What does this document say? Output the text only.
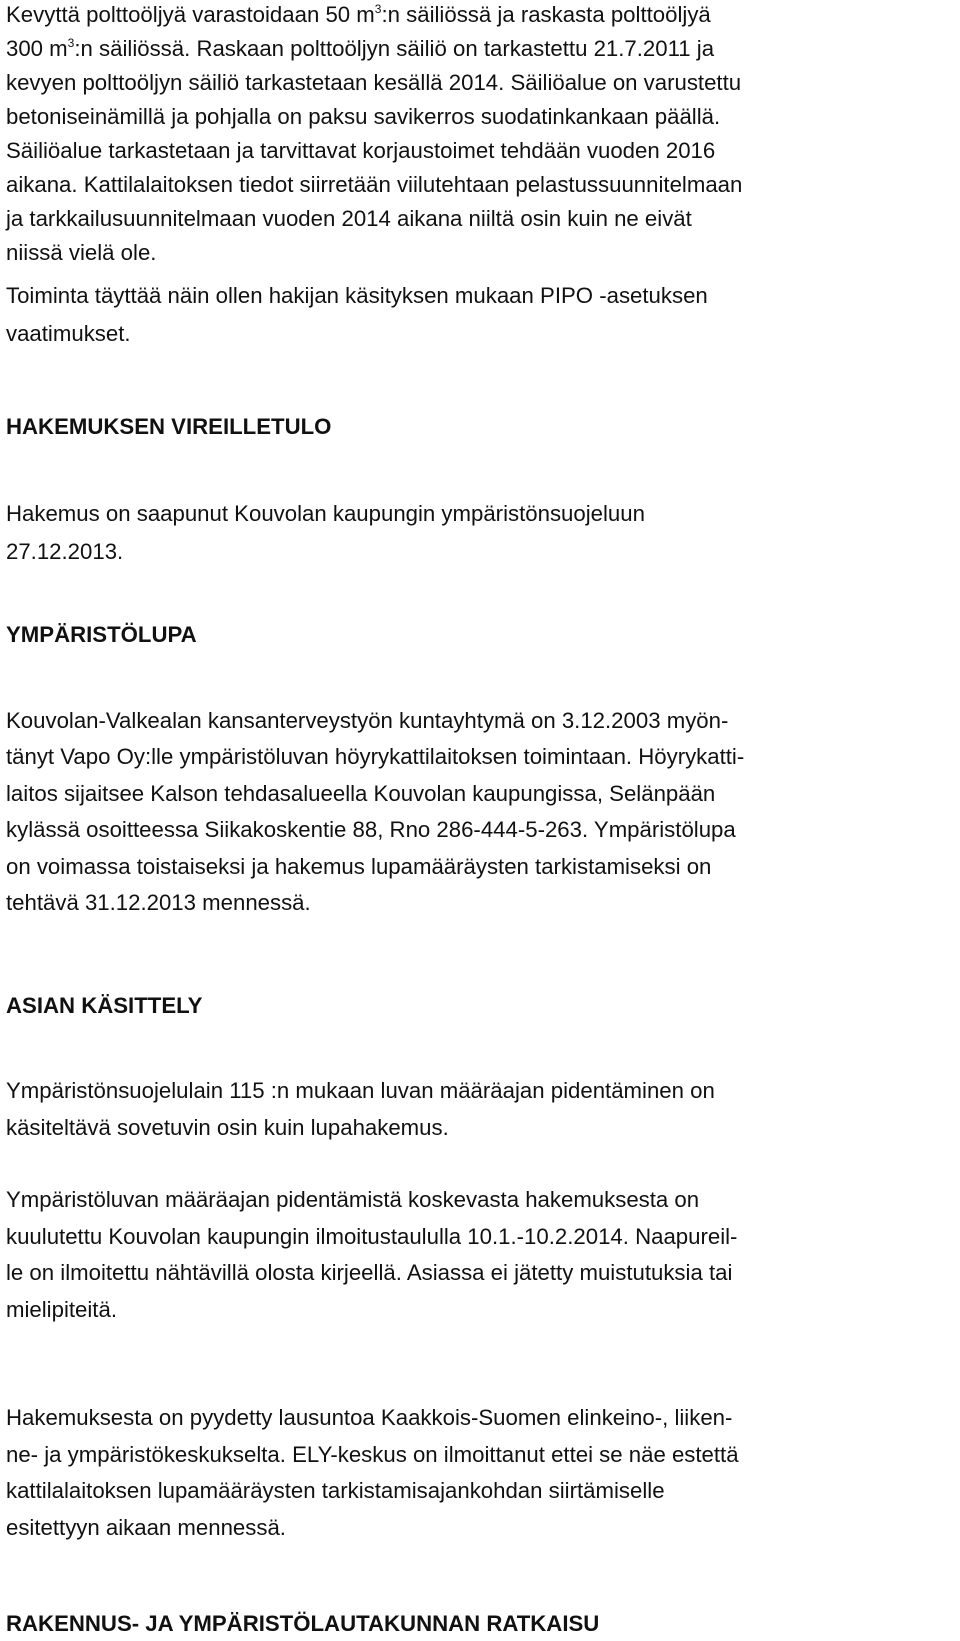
Kevyttä polttoöljyä varastoidaan 50 $m^3:n$ säiliössä ja raskasta polttoöljyä
300 $m^3:n$ säiliössä. Raskaan polttoöljyn säiliö on tarkastettu 21.7.2011 ja
kevyen polttoöljyn säiliö tarkastetaan kesällä 2014. Säiliöalue on varustettu
betoniseinämillä ja pohjalla on paksu savikerros suodatinkankaan päällä.
Säiliöalue tarkastetaan ja tarvittavat korjaustoimet tehdään vuoden 2016
aikana. Kattilalaitoksen tiedot siirretään viilutehtaan pelastussuunnitelmaan
ja tarkkailusuunnitelmaan vuoden 2014 aikana niiltä osin kuin ne eivät
niissä vielä ole.
Toiminta täyttää näin ollen hakijan käsityksen mukaan PIPO -asetuksen
vaatimukset.
HAKEMUKSEN VIREILLETULO
Hakemus on saapunut Kouvolan kaupungin ympäristönsuojeluun
27.12.2013.
YMPÄRISTÖLUPA
Kouvolan-Valkealan kansanterveystyön kuntayhtymä on 3.12.2003 myön-
tänyt Vapo Oy:lle ympäristöluvan höyrykattilaitoksen toimintaan. Höyrykatti-
laitos sijaitsee Kalson tehdasalueella Kouvolan kaupungissa, Selänpään
kylässä osoitteessa Siikakoskentie 88, Rno 286-444-5-263. Ympäristölupa
on voimassa toistaiseksi ja hakemus lupamääräysten tarkistamiseksi on
tehtävä 31.12.2013 mennessä.
ASIAN KÄSITTELY
Ympäristönsuojelulain 115 :n mukaan luvan määräajan pidentäminen on
käsiteltävä sovetuvin osin kuin lupahakemus.
Ympäristöluvan määräajan pidentämistä koskevasta hakemuksesta on
kuulutettu Kouvolan kaupungin ilmoitustaululla 10.1.-10.2.2014. Naapureil-
le on ilmoitettu nähtävillä olosta kirjeellä. Asiassa ei jätetty muistutuksia tai
mielipiteitä.
Hakemuksesta on pyydetty lausuntoa Kaakkois-Suomen elinkeino-, liiken-
ne- ja ympäristökeskukselta. ELY-keskus on ilmoittanut ettei se näe estettä
kattilalaitoksen lupamääräysten tarkistamisajankohdan siirtämiselle
esitettyyn aikaan mennessä.
RAKENNUS- JA YMPÄRISTÖLAUTAKUNNAN RATKAISU
